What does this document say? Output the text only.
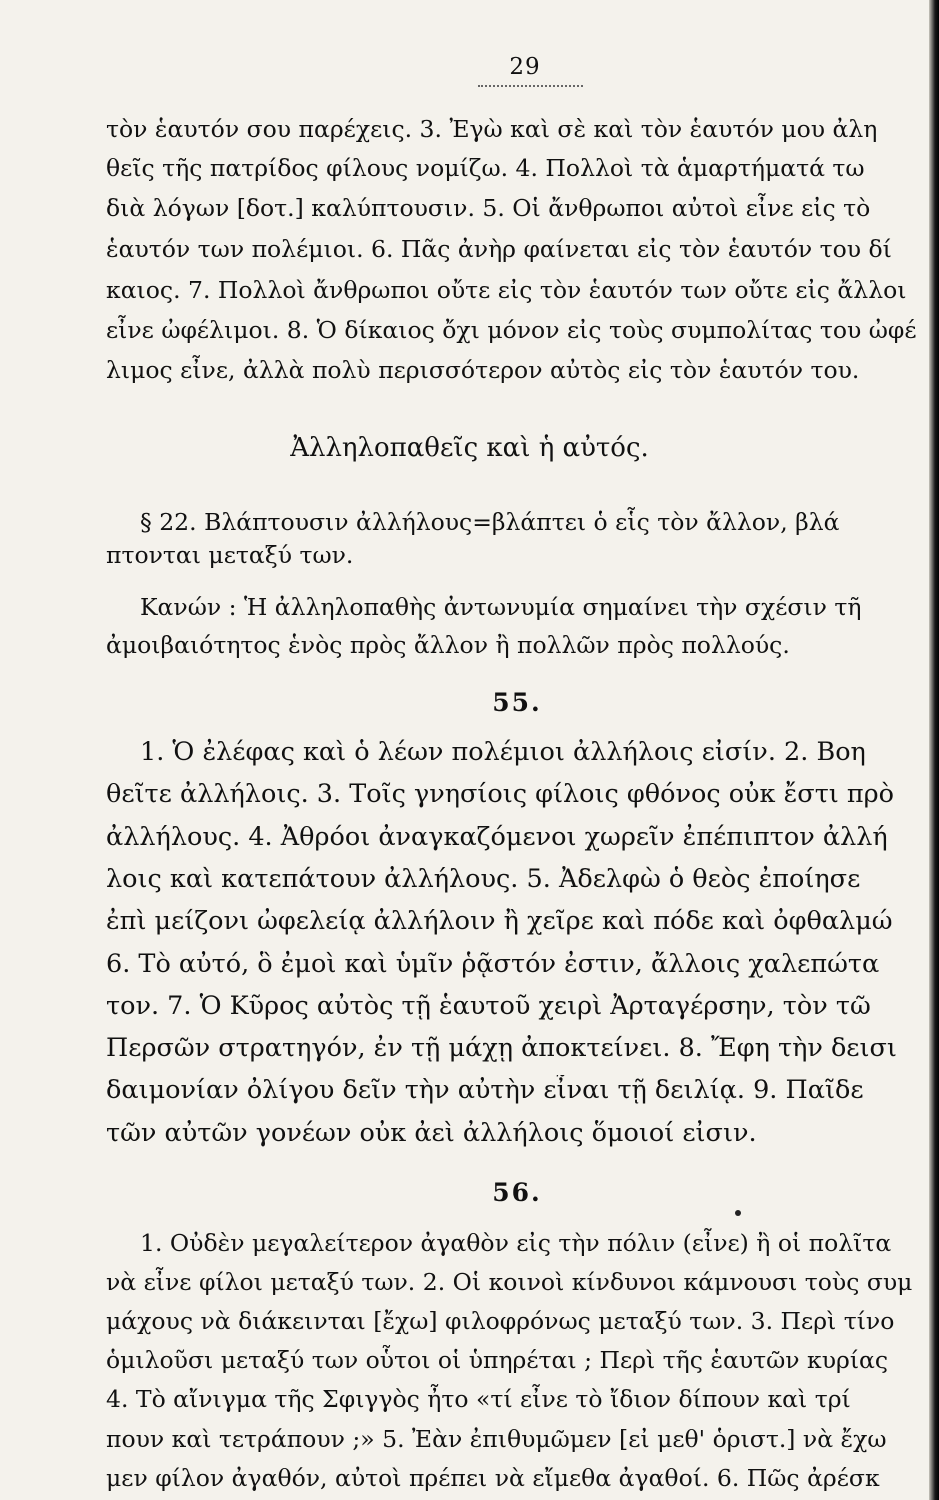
29
τὸν ἑαυτόν σου παρέχεις. 3. Ἐγὼ καὶ σὲ καὶ τὸν ἑαυτόν μου ἀλη
θεῖς τῆς πατρίδος φίλους νομίζω. 4. Πολλοὶ τὰ ἁμαρτήματά τω
διὰ λόγων [δοτ.] καλύπτουσιν. 5. Οἱ ἄνθρωποι αὐτοὶ εἶνε εἰς τὸ
ἑαυτόν των πολέμιοι. 6. Πᾶς ἀνὴρ φαίνεται εἰς τὸν ἑαυτόν του δί
καιος. 7. Πολλοὶ ἄνθρωποι οὔτε εἰς τὸν ἑαυτόν των οὔτε εἰς ἄλλοι
εἶνε ὠφέλιμοι. 8. Ὁ δίκαιος ὄχι μόνον εἰς τοὺς συμπολίτας του ὠφέ
λιμος εἶνε, ἀλλὰ πολὺ περισσότερον αὐτὸς εἰς τὸν ἑαυτόν του.
Ἀλληλοπαθεῖς καὶ ἡ αὐτός.
§ 22. Βλάπτουσιν ἀλλήλους=βλάπτει ὁ εἷς τὸν ἄλλον, βλά
πτονται μεταξύ των.
Κανών : Ἡ ἀλληλοπαθὴς ἀντωνυμία σημαίνει τὴν σχέσιν τῆ
ἀμοιβαιότητος ἑνὸς πρὸς ἄλλον ἢ πολλῶν πρὸς πολλούς.
55.
1. Ὁ ἐλέφας καὶ ὁ λέων πολέμιοι ἀλλήλοις εἰσίν. 2. Βοη
θεῖτε ἀλλήλοις. 3. Τοῖς γνησίοις φίλοις φθόνος οὐκ ἔστι πρὸ
ἀλλήλους. 4. Ἀθρόοι ἀναγκαζόμενοι χωρεῖν ἐπέπιπτον ἀλλή
λοις καὶ κατεπάτουν ἀλλήλους. 5. Ἀδελφὼ ὁ θεὸς ἐποίησε
ἐπὶ μείζονι ὠφελείᾳ ἀλλήλοιν ἢ χεῖρε καὶ πόδε καὶ ὀφθαλμώ
6. Τὸ αὐτό, ὃ ἐμοὶ καὶ ὑμῖν ῥᾷστόν ἐστιν, ἄλλοις χαλεπώτα
τον. 7. Ὁ Κῦρος αὐτὸς τῇ ἑαυτοῦ χειρὶ Ἀρταγέρσην, τὸν τῶ
Περσῶν στρατηγόν, ἐν τῇ μάχῃ ἀποκτείνει. 8. Ἔφη τὴν δεισι
δαιμονίαν ὀλίγου δεῖν τὴν αὐτὴν εἶναι τῇ δειλίᾳ. 9. Παῖδε
τῶν αὐτῶν γονέων οὐκ ἀεὶ ἀλλήλοις ὅμοιοί εἰσιν.
56.
1. Οὐδὲν μεγαλείτερον ἀγαθὸν εἰς τὴν πόλιν (εἶνε) ἢ οἱ πολῖτα
νὰ εἶνε φίλοι μεταξύ των. 2. Οἱ κοινοὶ κίνδυνοι κάμνουσι τοὺς συμ
μάχους νὰ διάκεινται [ἔχω] φιλοφρόνως μεταξύ των. 3. Περὶ τίνο
ὁμιλοῦσι μεταξύ των οὗτοι οἱ ὑπηρέται ; Περὶ τῆς ἑαυτῶν κυρίας
4. Τὸ αἴνιγμα τῆς Σφιγγὸς ἦτο «τί εἶνε τὸ ἴδιον δίπουν καὶ τρί
πουν καὶ τετράπουν ;» 5. Ἐὰν ἐπιθυμῶμεν [εἰ μεθ' ὁριστ.] νὰ ἔχω
μεν φίλον ἀγαθόν, αὐτοὶ πρέπει νὰ εἴμεθα ἀγαθοί. 6. Πῶς ἀρέσκ
